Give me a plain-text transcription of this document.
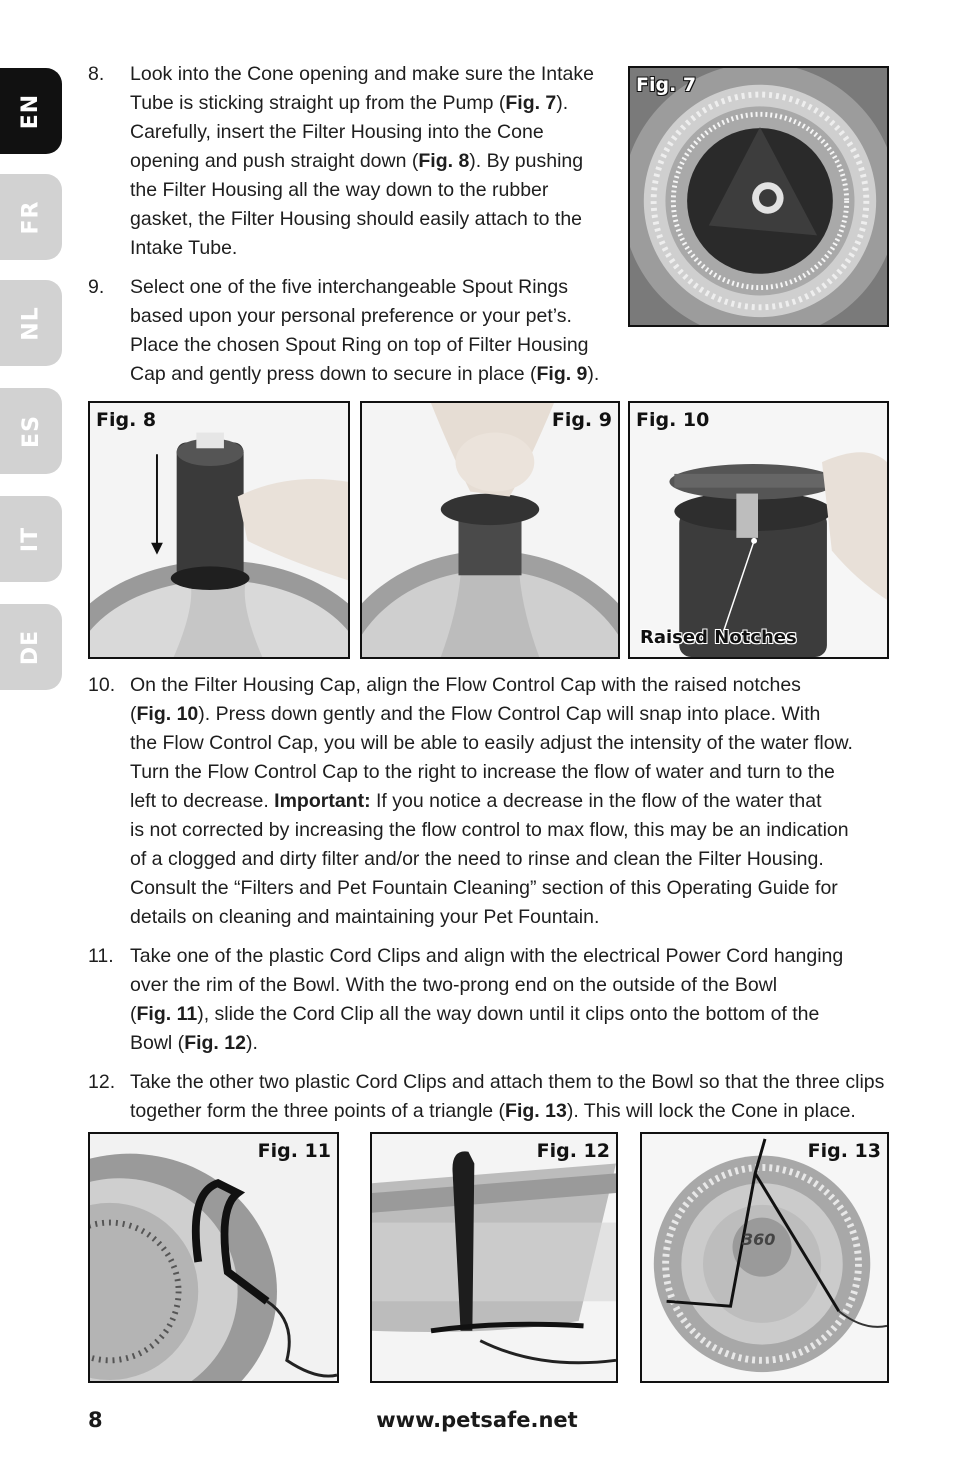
EN
FR
NL
ES
IT
DE
8. Look into the Cone opening and make sure the Intake
Tube is sticking straight up from the Pump (Fig. 7).
Carefully, insert the Filter Housing into the Cone
opening and push straight down (Fig. 8). By pushing
the Filter Housing all the way down to the rubber
gasket, the Filter Housing should easily attach to the
Intake Tube.
9. Select one of the five interchangeable Spout Rings
based upon your personal preference or your pet’s.
Place the chosen Spout Ring on top of Filter Housing
Cap and gently press down to secure in place (Fig. 9).
Fig. 7
Fig. 8	Fig. 9 Fig. 10
Raised Notches
10. On the Filter Housing Cap, align the Flow Control Cap with the raised notches
(Fig. 10). Press down gently and the Flow Control Cap will snap into place. With
the Flow Control Cap, you will be able to easily adjust the intensity of the water flow.
Turn the Flow Control Cap to the right to increase the flow of water and turn to the
left to decrease. Important: If you notice a decrease in the flow of the water that
is not corrected by increasing the flow control to max flow, this may be an indication
of a clogged and dirty filter and/or the need to rinse and clean the Filter Housing.
Consult the “Filters and Pet Fountain Cleaning” section of this Operating Guide for
details on cleaning and maintaining your Pet Fountain.
11. Take one of the plastic Cord Clips and align with the electrical Power Cord hanging
over the rim of the Bowl. With the two-prong end on the outside of the Bowl
(Fig. 11), slide the Cord Clip all the way down until it clips onto the bottom of the
Bowl (Fig. 12).
12. Take the other two plastic Cord Clips and attach them to the Bowl so that the three clips
together form the three points of a triangle (Fig. 13). This will lock the Cone in place.
Fig. 11	Fig. 12	Fig. 13
360
www.petsafe.net
8
